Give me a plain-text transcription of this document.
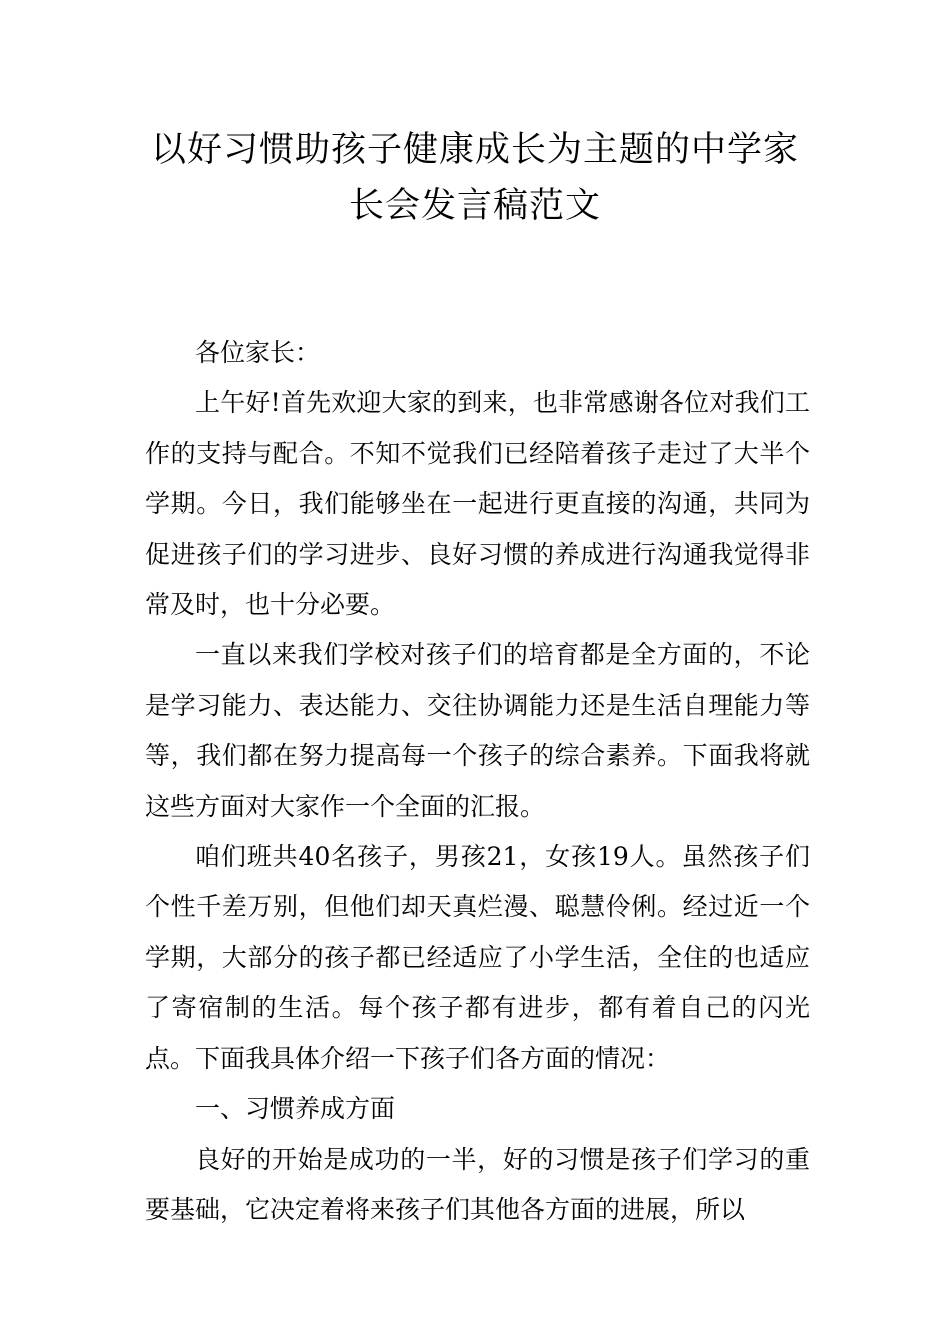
以好习惯助孩子健康成长为主题的中学家
长会发言稿范文

各位家长：

上午好!首先欢迎大家的到来，也非常感谢各位对我们工作的支持与配合。不知不觉我们已经陪着孩子走过了大半个学期。今日，我们能够坐在一起进行更直接的沟通，共同为促进孩子们的学习进步、良好习惯的养成进行沟通我觉得非常及时，也十分必要。

一直以来我们学校对孩子们的培育都是全方面的，不论是学习能力、表达能力、交往协调能力还是生活自理能力等等，我们都在努力提高每一个孩子的综合素养。下面我将就这些方面对大家作一个全面的汇报。

咱们班共40名孩子，男孩21，女孩19人。虽然孩子们个性千差万别，但他们却天真烂漫、聪慧伶俐。经过近一个学期，大部分的孩子都已经适应了小学生活，全住的也适应了寄宿制的生活。每个孩子都有进步，都有着自己的闪光点。下面我具体介绍一下孩子们各方面的情况：

一、习惯养成方面

良好的开始是成功的一半，好的习惯是孩子们学习的重要基础，它决定着将来孩子们其他各方面的进展，所以
